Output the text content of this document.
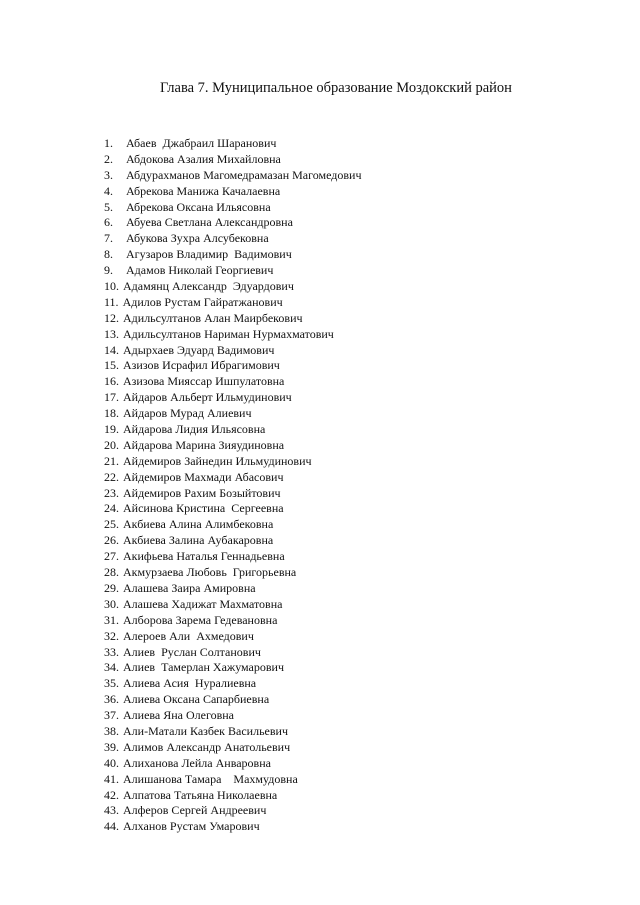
Глава 7. Муниципальное образование Моздокский район
1.	Абаев  Джабраил Шаранович
2.	Абдокова Азалия Михайловна
3.	Абдурахманов Магомедрамазан Магомедович
4.	Абрекова Манижа Качалаевна
5.	Абрекова Оксана Ильясовна
6.	Абуева Светлана Александровна
7.	Абукова Зухра Алсубековна
8.	Агузаров Владимир  Вадимович
9.	Адамов Николай Георгиевич
10. Адамянц Александр  Эдуардович
11. Адилов Рустам Гайратжанович
12. Адильсултанов Алан Маирбекович
13. Адильсултанов Нариман Нурмахматович
14. Адырхаев Эдуард Вадимович
15. Азизов Исрафил Ибрагимович
16. Азизова Мияссар Ишпулатовна
17. Айдаров Альберт Ильмудинович
18. Айдаров Мурад Алиевич
19. Айдарова Лидия Ильясовна
20. Айдарова Марина Зияудиновна
21. Айдемиров Зайнедин Ильмудинович
22. Айдемиров Махмади Абасович
23. Айдемиров Рахим Бозыйтович
24. Айсинова Кристина  Сергеевна
25. Акбиева Алина Алимбековна
26. Акбиева Залина Аубакаровна
27. Акифьева Наталья Геннадьевна
28. Акмурзаева Любовь  Григорьевна
29. Алашева Заира Амировна
30. Алашева Хадижат Махматовна
31. Алборова Зарема Гедевановна
32. Алероев Али  Ахмедович
33. Алиев  Руслан Солтанович
34. Алиев  Тамерлан Хажумарович
35. Алиева Асия  Нуралиевна
36. Алиева Оксана Сапарбиевна
37. Алиева Яна Олеговна
38. Али-Матали Казбек Васильевич
39. Алимов Александр Анатольевич
40. Алиханова Лейла Анваровна
41. Алишанова Тамара    Махмудовна
42. Алпатова Татьяна Николаевна
43. Алферов Сергей Андреевич
44. Алханов Рустам Умарович
